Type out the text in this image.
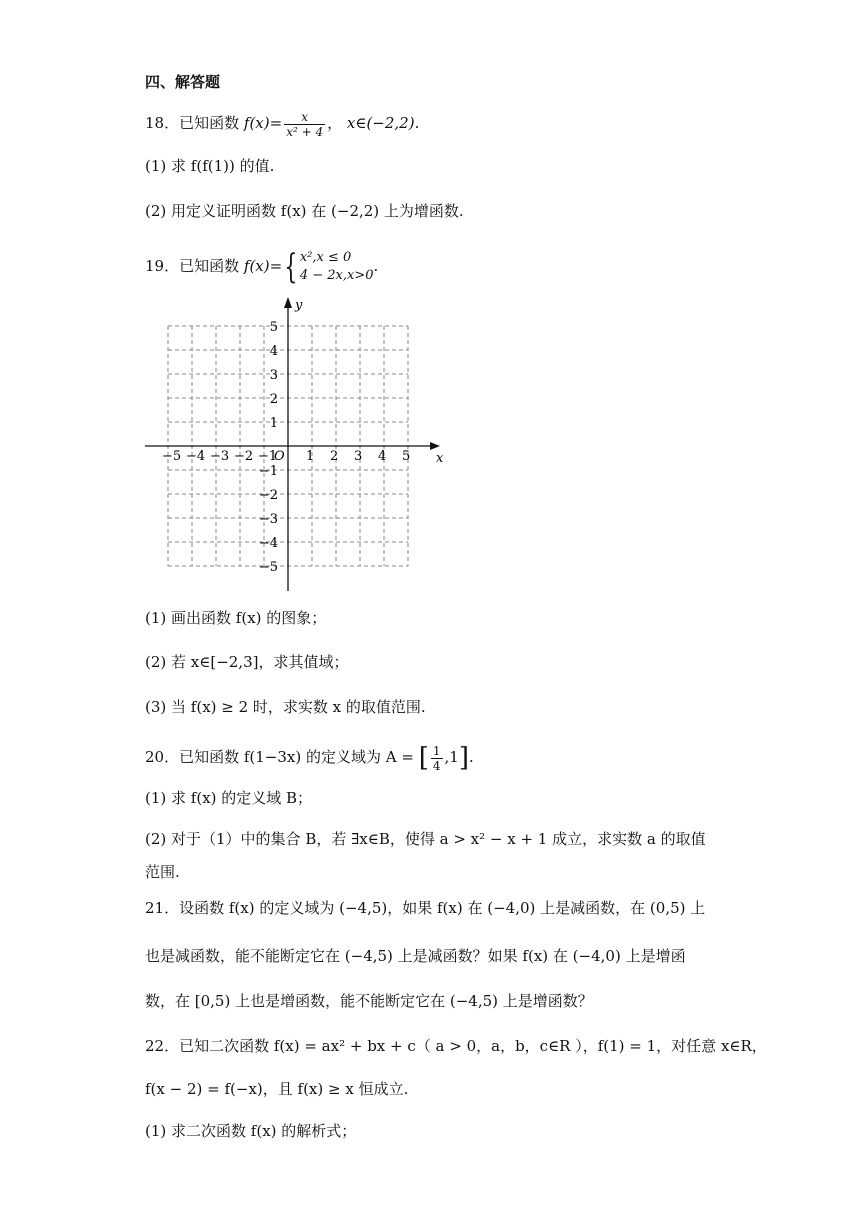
四、解答题
18．已知函数 $f(x)= \frac{x}{\text{x² + 4}}$ ， x∈(−2,2).
(1) 求 f(f(1)) 的值.
(2) 用定义证明函数 f(x) 在 (−2,2) 上为增函数.
19．已知函数 f(x)={ x²,x ≤ 0
4 − 2x,x>0
.
y
x
O
−5 −4 −3 −2 −1 1 2 3 4 5
5
4
3
2
1
−1
−2
−3
−4
−5
(1) 画出函数 f(x) 的图象；
(2) 若 x∈[−2,3]，求其值域；
(3) 当 f(x) ≥ 2 时，求实数 x 的取值范围.
20．已知函数 f(1−3x) 的定义域为 A = [ $\frac{1}{4} ,1$].
(1) 求 f(x) 的定义域 B；
(2) 对于（1）中的集合 B，若 ∃x∈B，使得 a > x² − x + 1 成立，求实数 a 的取值
范围.
21．设函数 f(x) 的定义域为 (−4,5)，如果 f(x) 在 (−4,0) 上是减函数，在 (0,5) 上
也是减函数，能不能断定它在 (−4,5) 上是减函数？如果 f(x) 在 (−4,0) 上是增函
数，在 [0,5) 上也是增函数，能不能断定它在 (−4,5) 上是增函数？
22．已知二次函数 f(x) = ax² + bx + c（ a > 0，a，b，c∈R ），f(1) = 1，对任意 x∈R，
f(x − 2) = f(−x)，且 f(x) ≥ x 恒成立.
(1) 求二次函数 f(x) 的解析式；
